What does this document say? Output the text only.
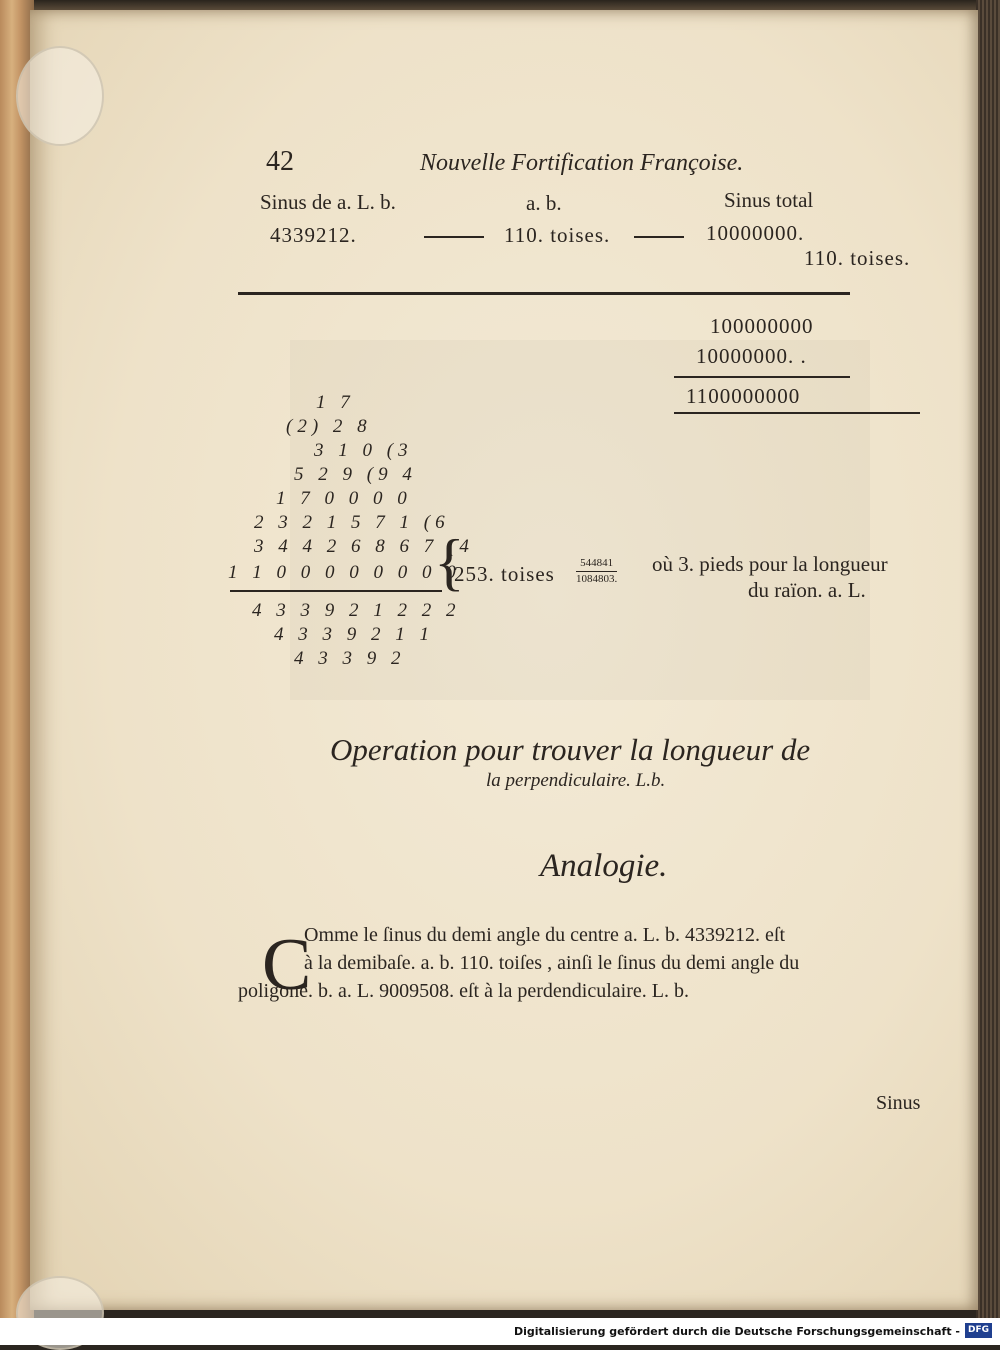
42	Nouvelle Fortification Françoise.
Sinus de a. L. b.	a. b.	Sinus total
4339212.	110. toises.	10000000.
110. toises.
100000000
10000000. .
1100000000
1 7
(2) 2 8
3 1 0 (3
5 2 9 (9 4
1 7 0 0 0 0
2 3 2 1 5 7 1 (6
3 4 4 2 6 8 6 7 (4
1 1 0 0 0 0 0 0 0 0
4 3 3 9 2 1 2 2 2
4 3 3 9 2 1 1
4 3 3 9 2
{
253. toises $\frac{544841}{1084803.}$ où 3. pieds pour la longueur
du raïon. a. L.
Operation pour trouver la longueur de
la perpendiculaire. L.b.
Analogie.
C
Omme le ſinus du demi angle du centre a. L. b. 4339212. eſt
à la demibaſe. a. b. 110. toiſes , ainſi le ſinus du demi angle du
poligone. b. a. L. 9009508. eſt à la perdendiculaire. L. b.
Sinus
Digitalisierung gefördert durch die Deutsche Forschungsgemeinschaft - DFG
